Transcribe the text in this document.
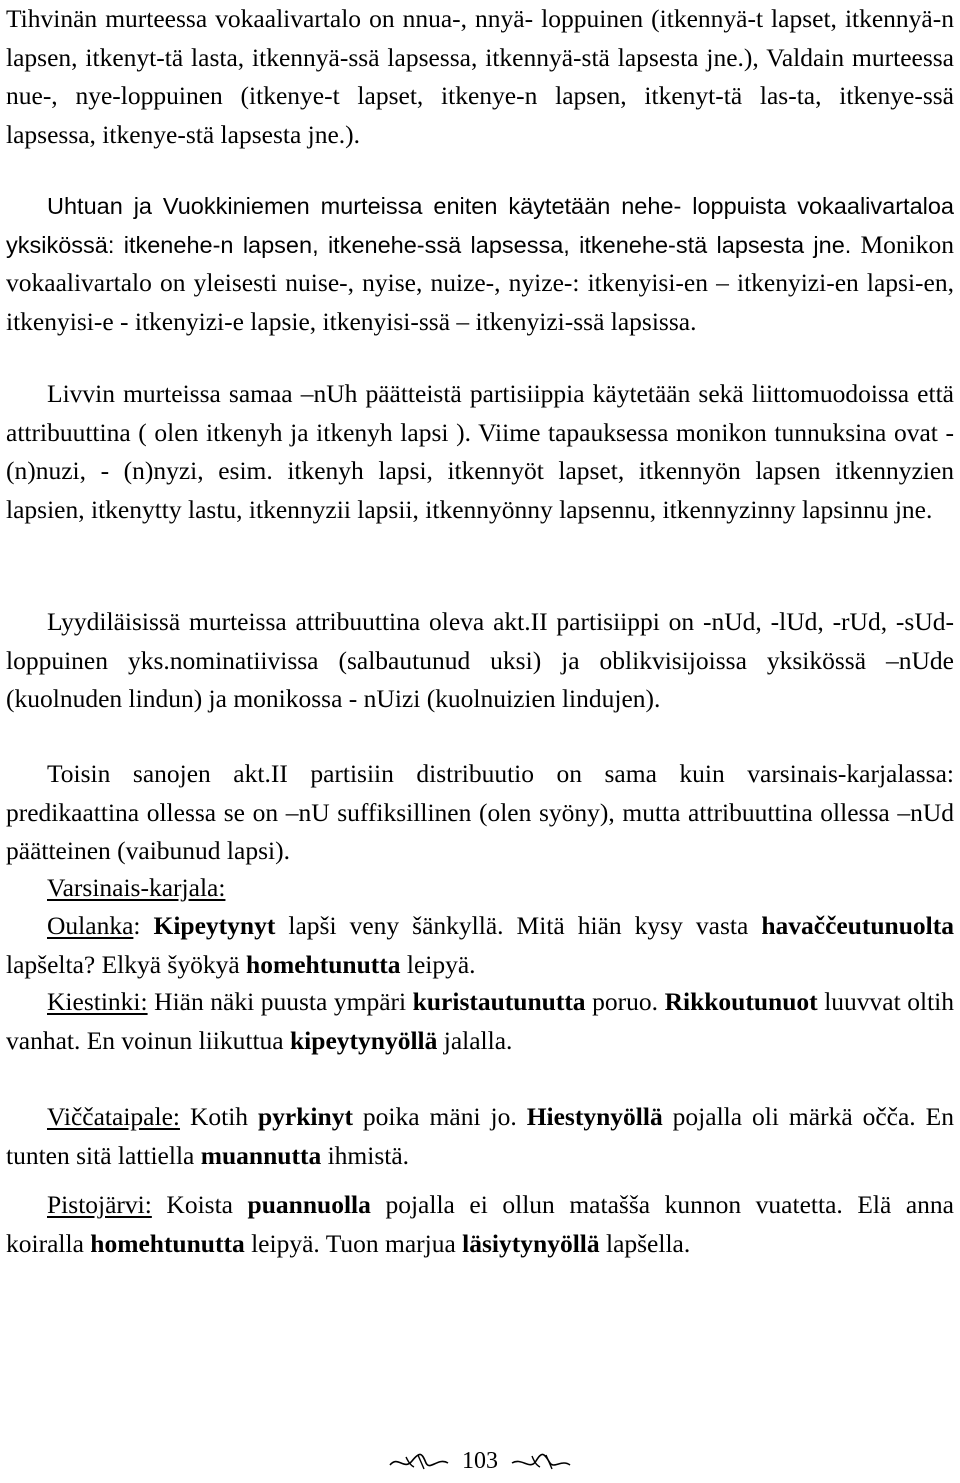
Tihvinän murteessa vokaalivartalo on nnua-, nnyä- loppuinen (itkennyä-t lapset, itkennyä-n lapsen, itkenyt-tä lasta, itkennyä-ssä lapsessa, itkennyä-stä lapsesta jne.), Valdain murteessa nue-, nye-loppuinen (itkenye-t lapset, itkenye-n lapsen, itkenyt-tä las-ta, itkenye-ssä lapsessa, itkenye-stä lapsesta jne.).

Uhtuan ja Vuokkiniemen murteissa eniten käytetään nehe- loppuista vokaalivartaloa yksikössä: itkenehe-n lapsen, itkenehe-ssä lapsessa, itkenehe-stä lapsesta jne. Monikon vokaalivartalo on yleisesti nuise-, nyise, nuize-, nyize-: itkenyisi-en – itkenyizi-en lapsi-en, itkenyisi-e - itkenyizi-e lapsie, itkenyisi-ssä – itkenyizi-ssä lapsissa.

Livvin murteissa samaa –nUh päätteistä partisiippia käytetään sekä liittomuodoissa että attribuuttina ( olen itkenyh ja itkenyh lapsi ). Viime tapauksessa monikon tunnuksina ovat -(n)nuzi, - (n)nyzi, esim. itkenyh lapsi, itkennyöt lapset, itkennyön lapsen itkennyzien lapsien, itkenytty lastu, itkennyzii lapsii, itkennyönny lapsennu, itkennyzinny lapsinnu jne.

Lyydiläisissä murteissa attribuuttina oleva akt.II partisiippi on -nUd, -lUd, -rUd, -sUd-loppuinen yks.nominatiivissa (salbautunud uksi) ja oblikvisijoissa yksikössä –nUde (kuolnuden lindun) ja monikossa - nUizi (kuolnuizien lindujen).

Toisin sanojen akt.II partisiin distribuutio on sama kuin varsinais-karjalassa: predikaattina ollessa se on –nU suffiksillinen (olen syöny), mutta attribuuttina ollessa –nUd päätteinen (vaibunud lapsi).

Varsinais-karjala:

Oulanka: Kipeytynyt lapši veny šänkyllä. Mitä hiän kysy vasta havaččeutunuolta lapšelta? Elkyä šyökyä homehtunutta leipyä.

Kiestinki: Hiän näki puusta ympäri kuristautunutta poruo. Rikkoutunuot luuvvat oltih vanhat. En voinun liikuttua kipeytynyöllä jalalla.

Viččataipale: Kotih pyrkinyt poika mäni jo. Hiestynyöllä pojalla oli märkä očča. En tunten sitä lattiella muannutta ihmistä.

Pistojärvi: Koista puannuolla pojalla ei ollun matašša kunnon vuatetta. Elä anna koiralla homehtunutta leipyä. Tuon marjua läsiytynyöllä lapšella.

103
